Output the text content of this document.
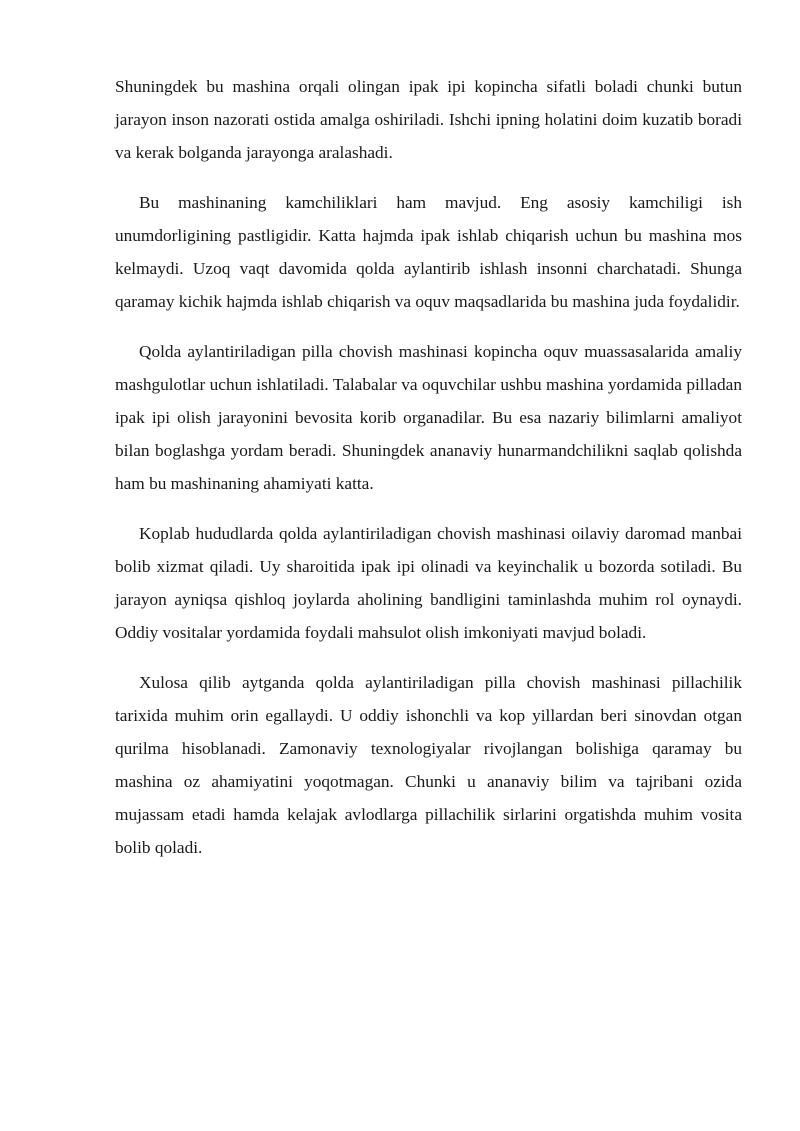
Shuningdek bu mashina orqali olingan ipak ipi kopincha sifatli boladi chunki butun jarayon inson nazorati ostida amalga oshiriladi. Ishchi ipning holatini doim kuzatib boradi va kerak bolganda jarayonga aralashadi.

Bu mashinaning kamchiliklari ham mavjud. Eng asosiy kamchiligi ish unumdorligining pastligidir. Katta hajmda ipak ishlab chiqarish uchun bu mashina mos kelmaydi. Uzoq vaqt davomida qolda aylantirib ishlash insonni charchatadi. Shunga qaramay kichik hajmda ishlab chiqarish va oquv maqsadlarida bu mashina juda foydalidir.

Qolda aylantiriladigan pilla chovish mashinasi kopincha oquv muassasalarida amaliy mashgulotlar uchun ishlatiladi. Talabalar va oquvchilar ushbu mashina yordamida pilladan ipak ipi olish jarayonini bevosita korib organadilar. Bu esa nazariy bilimlarni amaliyot bilan boglashga yordam beradi. Shuningdek ananaviy hunarmandchilikni saqlab qolishda ham bu mashinaning ahamiyati katta.

Koplab hududlarda qolda aylantiriladigan chovish mashinasi oilaviy daromad manbai bolib xizmat qiladi. Uy sharoitida ipak ipi olinadi va keyinchalik u bozorda sotiladi. Bu jarayon ayniqsa qishloq joylarda aholining bandligini taminlashda muhim rol oynaydi. Oddiy vositalar yordamida foydali mahsulot olish imkoniyati mavjud boladi.

Xulosa qilib aytganda qolda aylantiriladigan pilla chovish mashinasi pillachilik tarixida muhim orin egallaydi. U oddiy ishonchli va kop yillardan beri sinovdan otgan qurilma hisoblanadi. Zamonaviy texnologiyalar rivojlangan bolishiga qaramay bu mashina oz ahamiyatini yoqotmagan. Chunki u ananaviy bilim va tajribani ozida mujassam etadi hamda kelajak avlodlarga pillachilik sirlarini orgatishda muhim vosita bolib qoladi.
